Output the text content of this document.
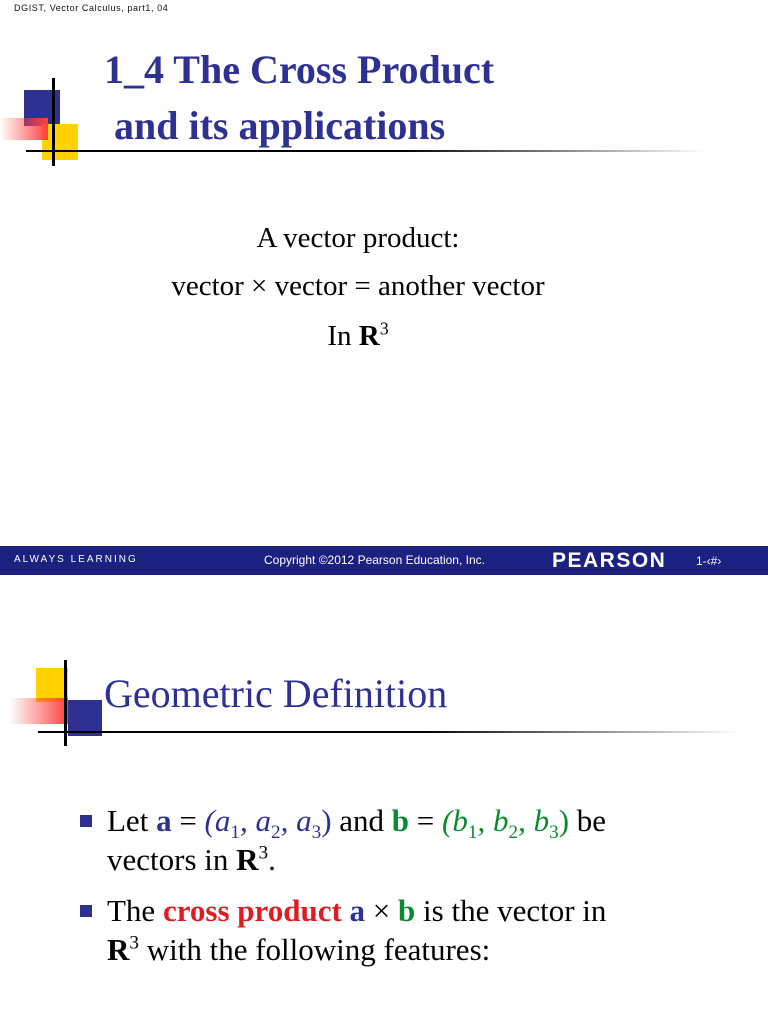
DGIST, Vector Calculus, part1, 04
1_4 The Cross Product
and its applications
A vector product:
vector × vector = another vector
In $R^3$
ALWAYS LEARNING	Copyright ©2012 Pearson Education, Inc.	PEARSON 1-‹#›
Geometric Definition
Let $a = (a_1$, $a_2$, $a_3$) and $b = (b_1$, $b_2$, $b_3$) be
vectors in $R^3$.
The cross product a × b is the vector in
$R^3$ with the following features:
